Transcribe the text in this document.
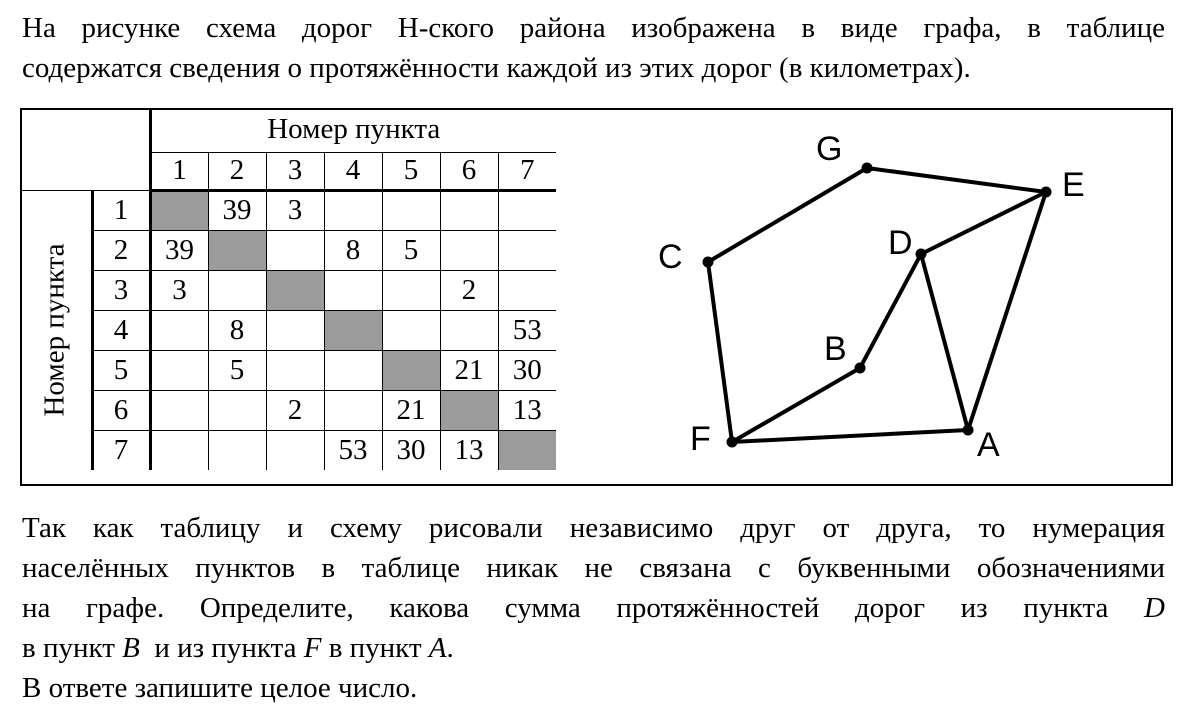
На рисунке схема дорог Н-ского района изображена в виде графа, в таблице
содержатся сведения о протяжённости каждой из этих дорог (в километрах).
		Номер пункта						
		1	2	3	4	5	6	7

Номер пункта	1		39	3				
	2	39			8	5		
	3	3					2	
	4		8					53
	5		5				21	30
	6			2		21		13
	7				53	30	13	
G
E
C	D
B
F	A
Так как таблицу и схему рисовали независимо друг от друга, то нумерация
населённых пунктов в таблице никак не связана с буквенными обозначениями
на графе. Определите, какова сумма протяжённостей дорог из пункта D
в пункт B  и из пункта F в пункт A.
В ответе запишите целое число.
